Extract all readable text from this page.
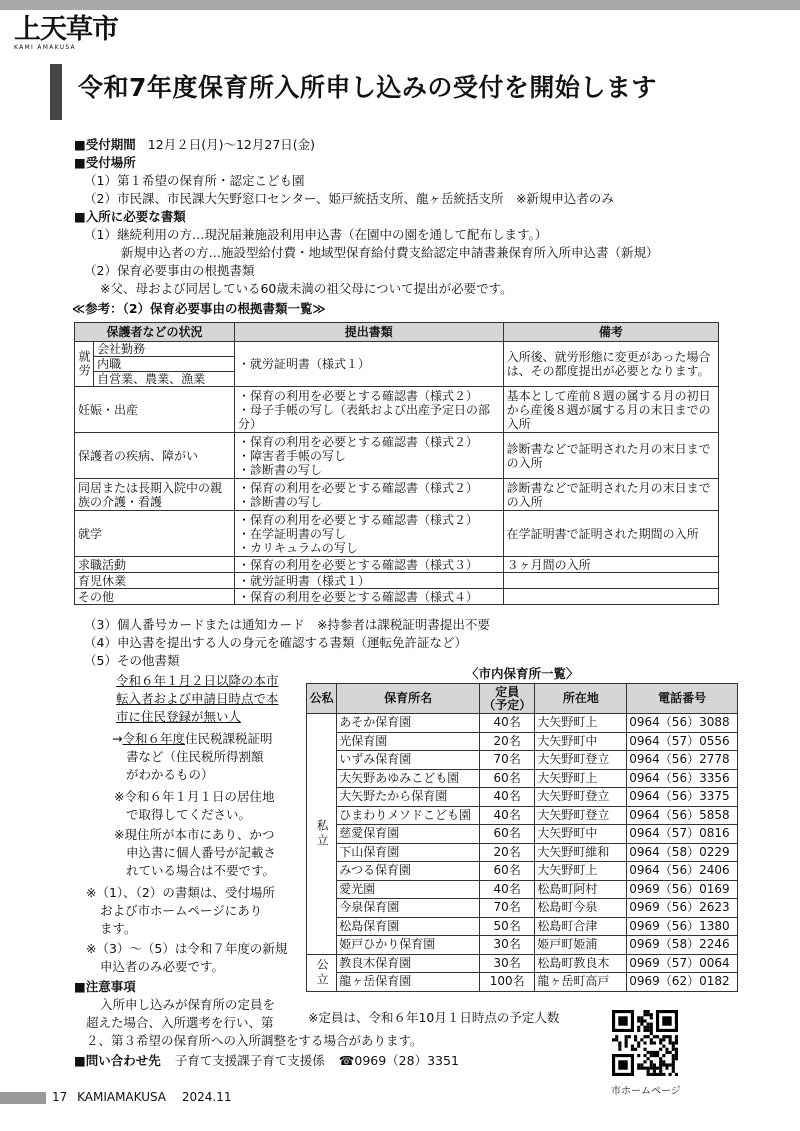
上天草市
KAMI AMAKUSA
令和7年度保育所入所申し込みの受付を開始します
■受付期間 12月２日(月)～12月27日(金)
■受付場所
（1）第１希望の保育所・認定こども園
（2）市民課、市民課大矢野窓口センター、姫戸統括支所、龍ヶ岳統括支所　※新規申込者のみ
■入所に必要な書類
（1）継続利用の方…現況届兼施設利用申込書（在園中の園を通して配布します。）
新規申込者の方…施設型給付費・地域型保育給付費支給認定申請書兼保育所入所申込書（新規）
（2）保育必要事由の根拠書類
※父、母および同居している60歳未満の祖父母について提出が必要です。
≪参考：（2）保育必要事由の根拠書類一覧≫
保護者などの状況		提出書類	備考
就労	会社勤務	・就労証明書（様式１）	入所後、就労形態に変更があった場合は、その都度提出が必要となります。
	内職		
	自営業、農業、漁業		
妊娠・出産		・保育の利用を必要とする確認書（様式２）
・母子手帳の写し（表紙および出産予定日の部分）	基本として産前８週の属する月の初日から産後８週が属する月の末日までの入所
保護者の疾病、障がい		・保育の利用を必要とする確認書（様式２）
・障害者手帳の写し
・診断書の写し	診断書などで証明された月の末日までの入所
同居または長期入院中の親族の介護・看護		・保育の利用を必要とする確認書（様式２）
・診断書の写し	診断書などで証明された月の末日までの入所
就学		・保育の利用を必要とする確認書（様式２）
・在学証明書の写し
・カリキュラムの写し	在学証明書で証明された期間の入所
求職活動		・保育の利用を必要とする確認書（様式３）	３ヶ月間の入所
育児休業		・就労証明書（様式１）	
その他		・保育の利用を必要とする確認書（様式４）	
（3）個人番号カードまたは通知カード　※持参者は課税証明書提出不要
（4）申込書を提出する人の身元を確認する書類（運転免許証など）
（5）その他書類
令和６年１月２日以降の本市
転入者および申請日時点で本
市に住民登録が無い人
→令和６年度住民税課税証明
書など（住民税所得割額
がわかるもの）
※令和６年１月１日の居住地
で取得してください。
※現住所が本市にあり、かつ
申込書に個人番号が記載さ
れている場合は不要です。
※（1）、（2）の書類は、受付場所
および市ホームページにあり
ます。
※（3）～（5）は令和７年度の新規
申込者のみ必要です。
■注意事項
入所申し込みが保育所の定員を
超えた場合、入所選考を行い、第
２、第３希望の保育所への入所調整をする場合があります。
■問い合わせ先 子育て支援課子育て支援係 ☎0969（28）3351
〈市内保育所一覧〉
公私	保育所名	定員
（予定）	所在地	電話番号
私立	あそか保育園	40名	大矢野町上	0964（56）3088
	光保育園	20名	大矢野町中	0964（57）0556
	いずみ保育園	70名	大矢野町登立	0964（56）2778
	大矢野あゆみこども園	60名	大矢野町上	0964（56）3356
	大矢野たから保育園	40名	大矢野町登立	0964（56）3375
	ひまわりメソドこども園	40名	大矢野町登立	0964（56）5858
	慈愛保育園	60名	大矢野町中	0964（57）0816
	下山保育園	20名	大矢野町維和	0964（58）0229
	みつる保育園	60名	大矢野町上	0964（56）2406
	愛光園	40名	松島町阿村	0969（56）0169
	今泉保育園	70名	松島町今泉	0969（56）2623
	松島保育園	50名	松島町合津	0969（56）1380
	姫戸ひかり保育園	30名	姫戸町姫浦	0969（58）2246
公立	教良木保育園	30名	松島町教良木	0969（57）0064
	龍ヶ岳保育園	100名	龍ヶ岳町高戸	0969（62）0182
※定員は、令和６年10月１日時点の予定人数
市ホームページ
17 KAMIAMAKUSA 2024.11
